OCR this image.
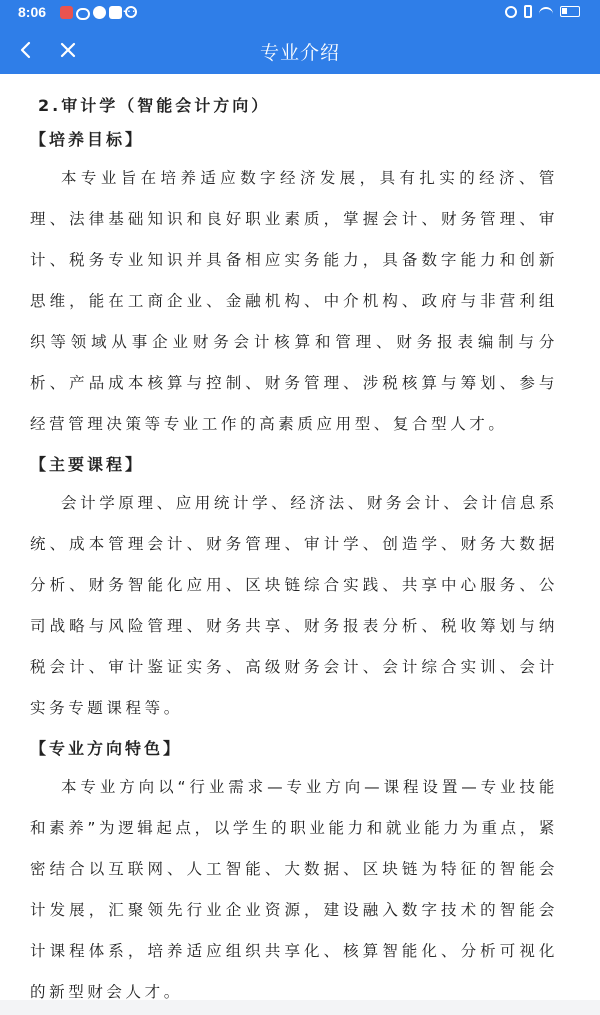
8:06	···
专业介绍
2.审计学（智能会计方向）
【培养目标】

本专业旨在培养适应数字经济发展，具有扎实的经济、管理、法律基础知识和良好职业素质，掌握会计、财务管理、审计、税务专业知识并具备相应实务能力，具备数字能力和创新思维，能在工商企业、金融机构、中介机构、政府与非营利组织等领域从事企业财务会计核算和管理、财务报表编制与分析、产品成本核算与控制、财务管理、涉税核算与筹划、参与经营管理决策等专业工作的高素质应用型、复合型人才。

【主要课程】

会计学原理、应用统计学、经济法、财务会计、会计信息系统、成本管理会计、财务管理、审计学、创造学、财务大数据分析、财务智能化应用、区块链综合实践、共享中心服务、公司战略与风险管理、财务共享、财务报表分析、税收筹划与纳税会计、审计鉴证实务、高级财务会计、会计综合实训、会计实务专题课程等。

【专业方向特色】

本专业方向以“行业需求—专业方向—课程设置—专业技能和素养”为逻辑起点，以学生的职业能力和就业能力为重点，紧密结合以互联网、人工智能、大数据、区块链为特征的智能会计发展，汇聚领先行业企业资源，建设融入数字技术的智能会计课程体系，培养适应组织共享化、核算智能化、分析可视化的新型财会人才。
